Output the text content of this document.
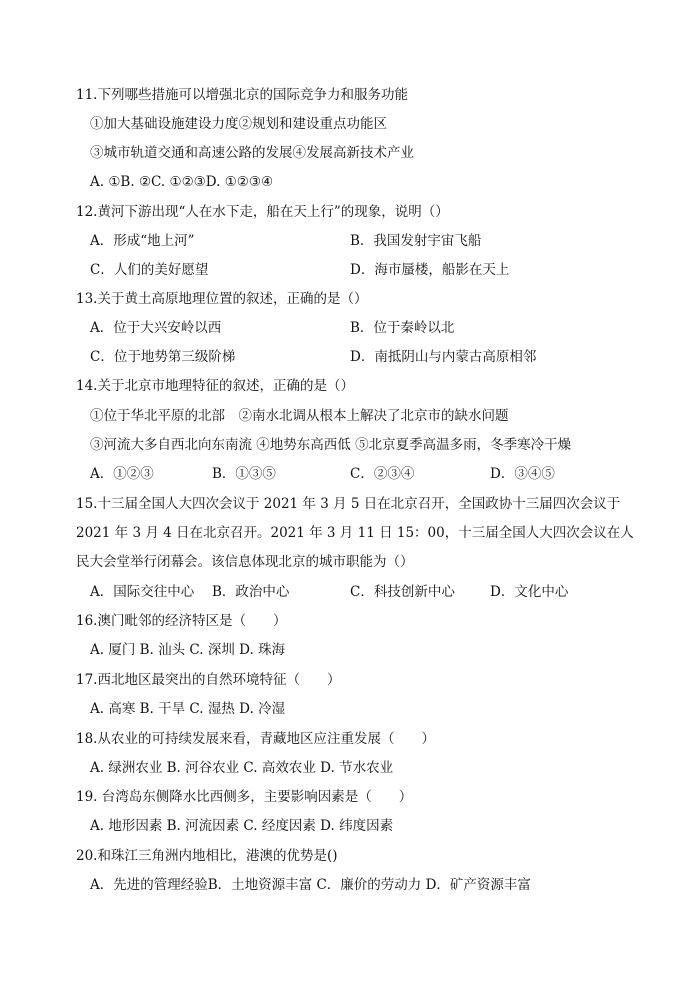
11.下列哪些措施可以增强北京的国际竞争力和服务功能
①加大基础设施建设力度②规划和建设重点功能区
③城市轨道交通和高速公路的发展④发展高新技术产业
A. ①B. ②C. ①②③D. ①②③④
12.黄河下游出现“人在水下走，船在天上行”的现象，说明（）
A．形成“地上河”	B．我国发射宇宙飞船
C．人们的美好愿望	D．海市蜃楼，船影在天上
13.关于黄土高原地理位置的叙述，正确的是（）
A．位于大兴安岭以西	B．位于秦岭以北
C．位于地势第三级阶梯	D．南抵阴山与内蒙古高原相邻
14.关于北京市地理特征的叙述，正确的是（）
①位于华北平原的北部　②南水北调从根本上解决了北京市的缺水问题
③河流大多自西北向东南流 ④地势东高西低 ⑤北京夏季高温多雨，冬季寒冷干燥
A．①②③	B．①③⑤	C．②③④	D．③④⑤
15.十三届全国人大四次会议于 2021 年 3 月 5 日在北京召开，全国政协十三届四次会议于
2021 年 3 月 4 日在北京召开。2021 年 3 月 11 日 15：00，十三届全国人大四次会议在人
民大会堂举行闭幕会。该信息体现北京的城市职能为（）
A．国际交往中心 B．政治中心	C．科技创新中心	D．文化中心
16.澳门毗邻的经济特区是（　　）
A. 厦门 B. 汕头 C. 深圳 D. 珠海
17.西北地区最突出的自然环境特征（　　）
A. 高寒 B. 干旱 C. 湿热 D. 冷湿
18.从农业的可持续发展来看，青藏地区应注重发展（　　）
A. 绿洲农业 B. 河谷农业 C. 高效农业 D. 节水农业
19. 台湾岛东侧降水比西侧多，主要影响因素是（　　）
A. 地形因素 B. 河流因素 C. 经度因素 D. 纬度因素
20.和珠江三角洲内地相比，港澳的优势是()
A．先进的管理经验B．土地资源丰富 C．廉价的劳动力 D．矿产资源丰富
